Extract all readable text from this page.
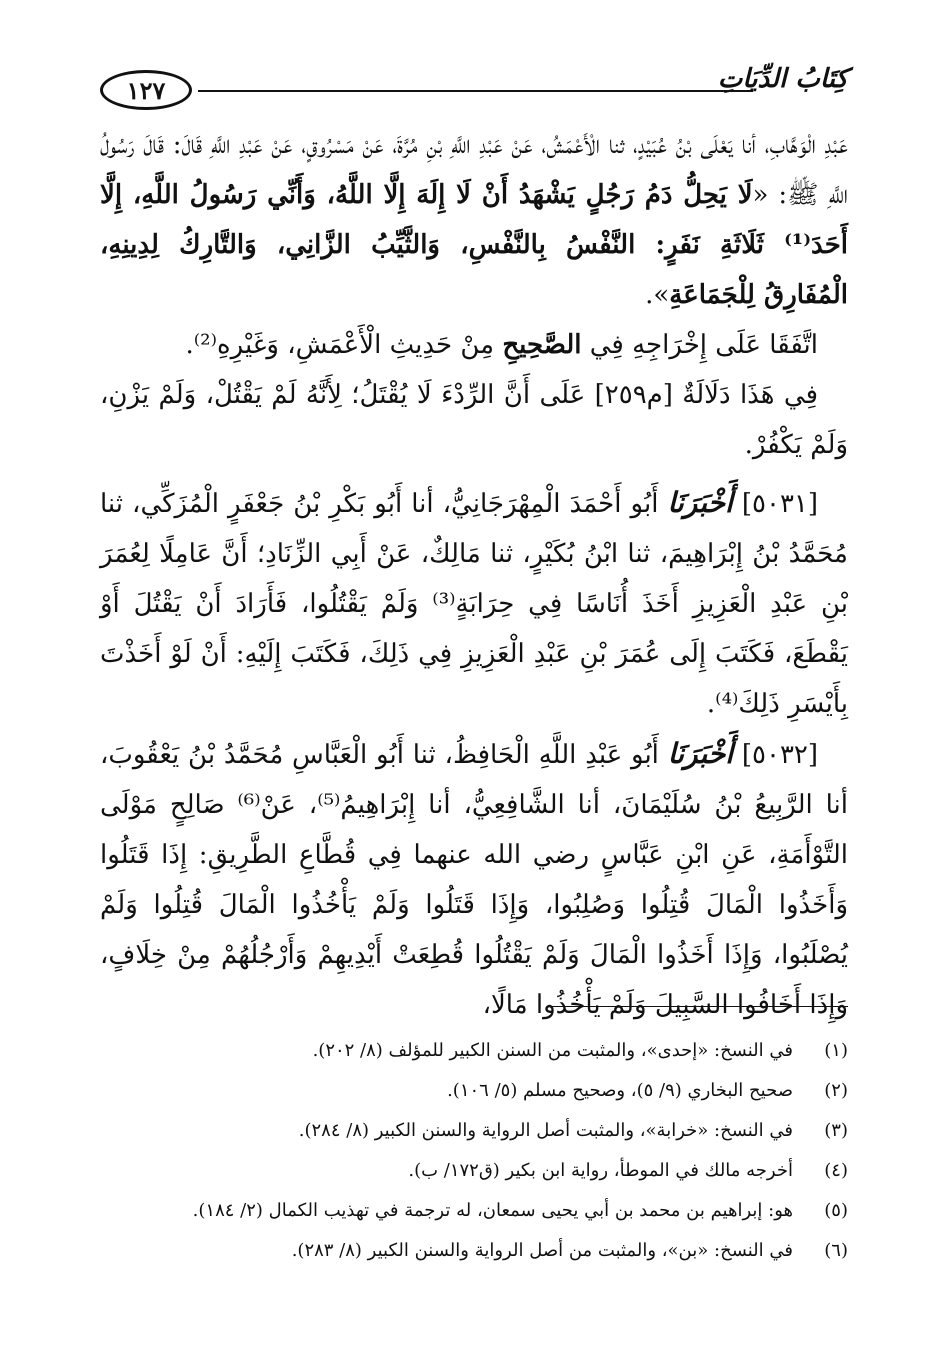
١٢٧	كِتَابُ الدِّيَاتِ

عَبْدِ الْوَهَّابِ، أنا يَعْلَى بْنُ عُبَيْدٍ، ثنا الْأَعْمَشُ، عَنْ عَبْدِ اللَّهِ بْنِ مُرَّةَ، عَنْ مَسْرُوقٍ، عَنْ عَبْدِ اللَّهِ قَالَ: قَالَ رَسُولُ اللَّهِ ﷺ: «لَا يَحِلُّ دَمُ رَجُلٍ يَشْهَدُ أَنْ لَا إِلَهَ إِلَّا اللَّهُ، وَأَنِّي رَسُولُ اللَّهِ، إِلَّا أَحَدَ⁽¹⁾ ثَلَاثَةِ نَفَرٍ: النَّفْسُ بِالنَّفْسِ، وَالثَّيِّبُ الزَّانِي، وَالتَّارِكُ لِدِينِهِ، الْمُفَارِقُ لِلْجَمَاعَةِ».

اتَّفَقَا عَلَى إِخْرَاجِهِ فِي الصَّحِيحِ مِنْ حَدِيثِ الْأَعْمَشِ، وَغَيْرِهِ⁽²⁾.

فِي هَذَا دَلَالَةٌ [م٢٥٩] عَلَى أَنَّ الرِّدْءَ لَا يُقْتَلُ؛ لِأَنَّهُ لَمْ يَقْتُلْ، وَلَمْ يَزْنِ، وَلَمْ يَكْفُرْ.

[٥٠٣١] أَخْبَرَنَا أَبُو أَحْمَدَ الْمِهْرَجَانِيُّ، أنا أَبُو بَكْرِ بْنُ جَعْفَرٍ الْمُزَكِّي، ثنا مُحَمَّدُ بْنُ إِبْرَاهِيمَ، ثنا ابْنُ بُكَيْرٍ، ثنا مَالِكٌ، عَنْ أَبِي الزِّنَادِ؛ أَنَّ عَامِلًا لِعُمَرَ بْنِ عَبْدِ الْعَزِيزِ أَخَذَ أُنَاسًا فِي حِرَابَةٍ⁽³⁾ وَلَمْ يَقْتُلُوا، فَأَرَادَ أَنْ يَقْتُلَ أَوْ يَقْطَعَ، فَكَتَبَ إِلَى عُمَرَ بْنِ عَبْدِ الْعَزِيزِ فِي ذَلِكَ، فَكَتَبَ إِلَيْهِ: أَنْ لَوْ أَخَذْتَ بِأَيْسَرِ ذَلِكَ⁽⁴⁾.

[٥٠٣٢] أَخْبَرَنَا أَبُو عَبْدِ اللَّهِ الْحَافِظُ، ثنا أَبُو الْعَبَّاسِ مُحَمَّدُ بْنُ يَعْقُوبَ، أنا الرَّبِيعُ بْنُ سُلَيْمَانَ، أنا الشَّافِعِيُّ، أنا إِبْرَاهِيمُ⁽⁵⁾، عَنْ⁽⁶⁾ صَالِحٍ مَوْلَى التَّوْأَمَةِ، عَنِ ابْنِ عَبَّاسٍ رضي الله عنهما فِي قُطَّاعِ الطَّرِيقِ: إِذَا قَتَلُوا وَأَخَذُوا الْمَالَ قُتِلُوا وَصُلِبُوا، وَإِذَا قَتَلُوا وَلَمْ يَأْخُذُوا الْمَالَ قُتِلُوا وَلَمْ يُصْلَبُوا، وَإِذَا أَخَذُوا الْمَالَ وَلَمْ يَقْتُلُوا قُطِعَتْ أَيْدِيهِمْ وَأَرْجُلُهُمْ مِنْ خِلَافٍ، وَإِذَا أَخَافُوا السَّبِيلَ وَلَمْ يَأْخُذُوا مَالًا،

(١)
في النسخ: «إحدى»، والمثبت من السنن الكبير للمؤلف (٨/ ٢٠٢).
(٢)
صحيح البخاري (٩/ ٥)، وصحيح مسلم (٥/ ١٠٦).
(٣)
في النسخ: «خرابة»، والمثبت أصل الرواية والسنن الكبير (٨/ ٢٨٤).
(٤)
أخرجه مالك في الموطأ، رواية ابن بكير (ق١٧٢/ ب).
(٥)
هو: إبراهيم بن محمد بن أبي يحيى سمعان، له ترجمة في تهذيب الكمال (٢/ ١٨٤).
(٦)
في النسخ: «بن»، والمثبت من أصل الرواية والسنن الكبير (٨/ ٢٨٣).
